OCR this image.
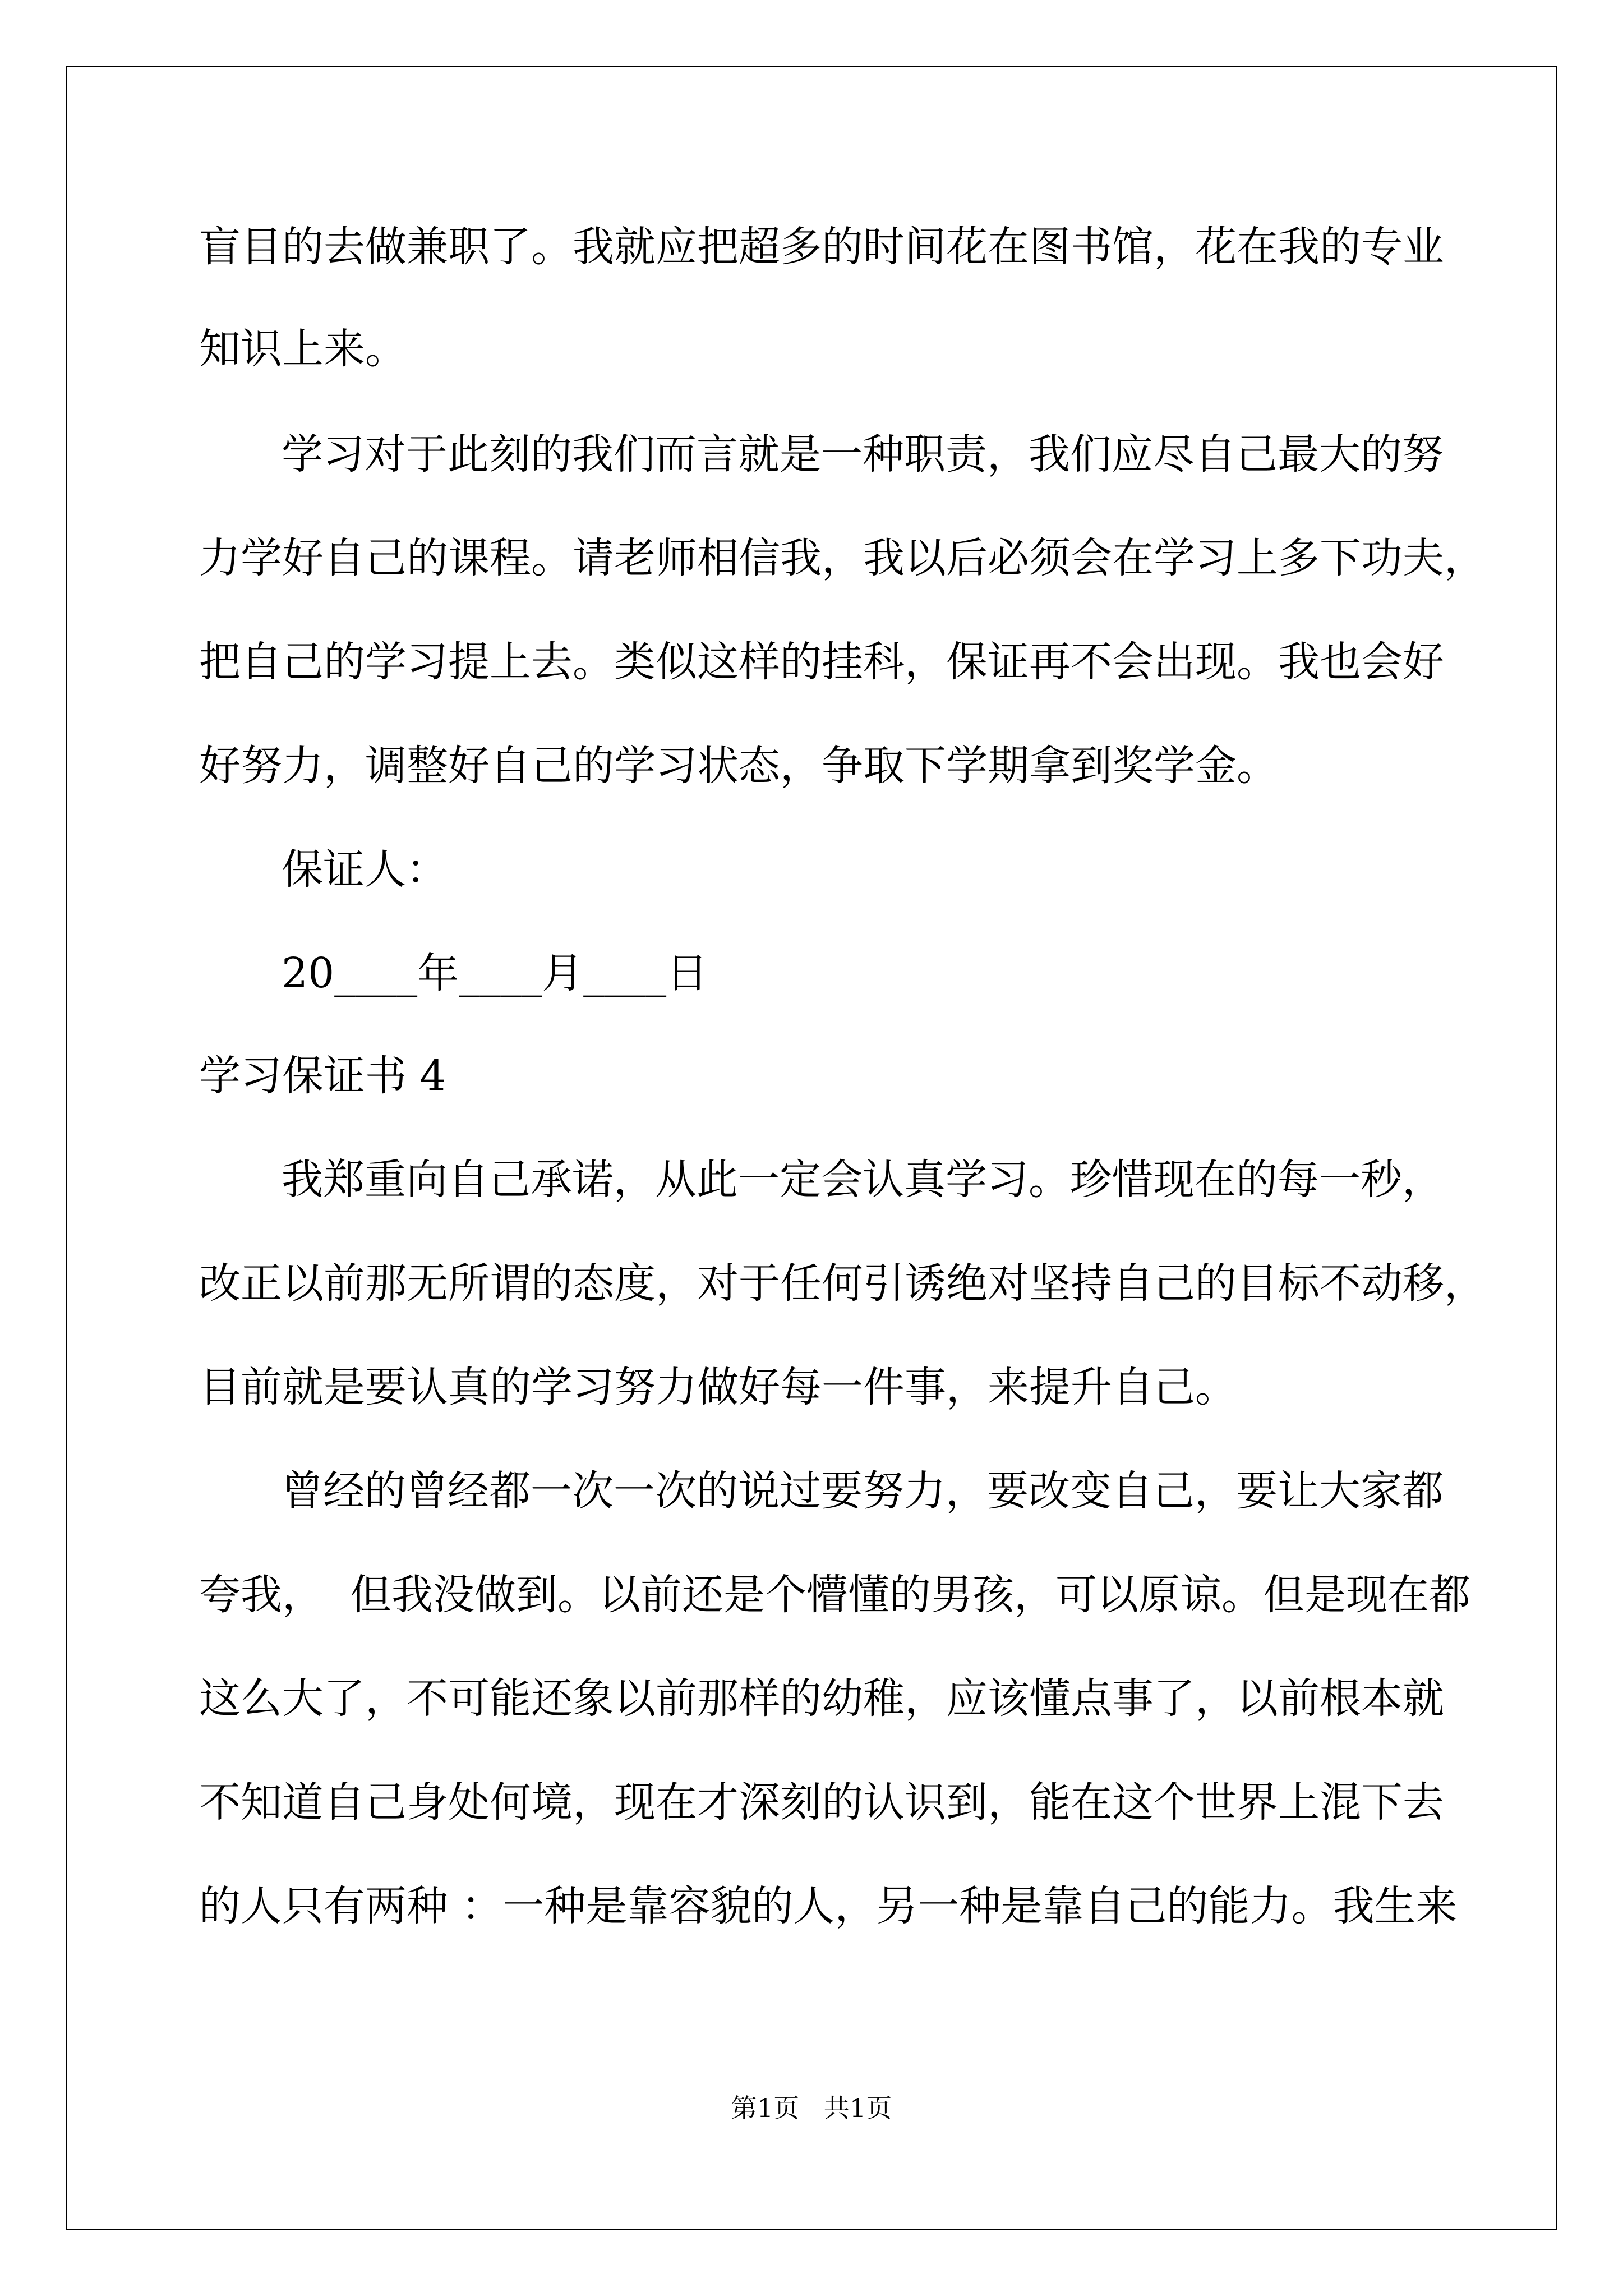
盲目的去做兼职了。我就应把超多的时间花在图书馆，花在我的专业
知识上来。
学习对于此刻的我们而言就是一种职责，我们应尽自己最大的努
力学好自己的课程。请老师相信我，我以后必须会在学习上多下功夫，
把自己的学习提上去。类似这样的挂科，保证再不会出现。我也会好
好努力，调整好自己的学习状态，争取下学期拿到奖学金。
保证人：
20____年____月____日
学习保证书 4
我郑重向自己承诺，从此一定会认真学习。珍惜现在的每一秒，
改正以前那无所谓的态度，对于任何引诱绝对坚持自己的目标不动移，
目前就是要认真的学习努力做好每一件事，来提升自己。
曾经的曾经都一次一次的说过要努力，要改变自己，要让大家都
夸我，  但我没做到。以前还是个懵懂的男孩，可以原谅。但是现在都
这么大了，不可能还象以前那样的幼稚，应该懂点事了，以前根本就
不知道自己身处何境，现在才深刻的认识到，能在这个世界上混下去
的人只有两种 ：一种是靠容貌的人，另一种是靠自己的能力。我生来
第1页   共1页
